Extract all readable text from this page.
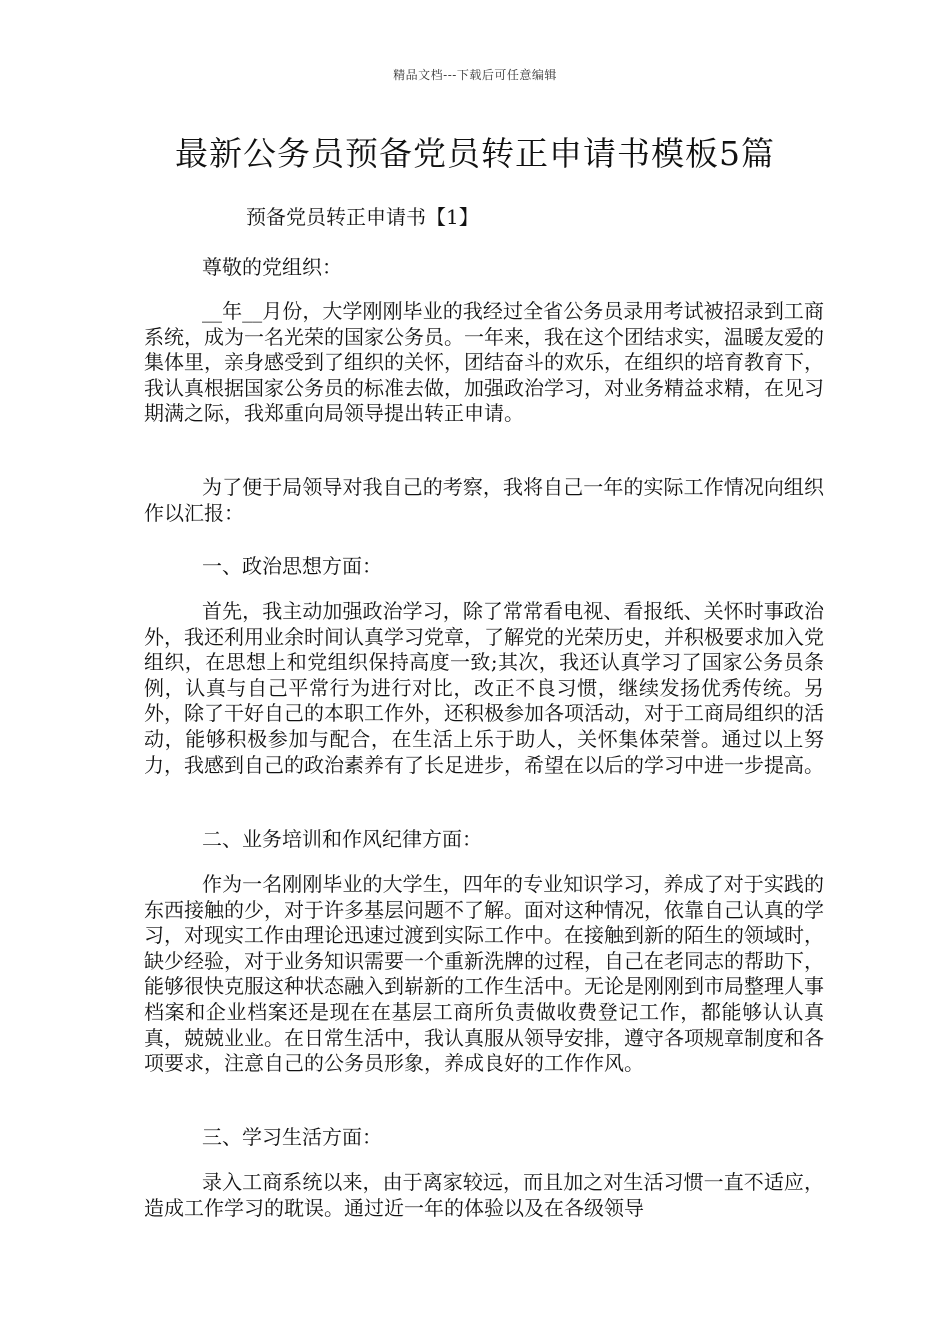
精品文档---下载后可任意编辑
最新公务员预备党员转正申请书模板5篇
预备党员转正申请书【1】
尊敬的党组织：

__年__月份，大学刚刚毕业的我经过全省公务员录用考试被招录到工商系统，成为一名光荣的国家公务员。一年来，我在这个团结求实，温暖友爱的集体里，亲身感受到了组织的关怀，团结奋斗的欢乐，在组织的培育教育下，我认真根据国家公务员的标准去做，加强政治学习，对业务精益求精，在见习期满之际，我郑重向局领导提出转正申请。

为了便于局领导对我自己的考察，我将自己一年的实际工作情况向组织作以汇报：

一、政治思想方面：

首先，我主动加强政治学习，除了常常看电视、看报纸、关怀时事政治外，我还利用业余时间认真学习党章，了解党的光荣历史，并积极要求加入党组织，在思想上和党组织保持高度一致;其次，我还认真学习了国家公务员条例，认真与自己平常行为进行对比，改正不良习惯，继续发扬优秀传统。另外，除了干好自己的本职工作外，还积极参加各项活动，对于工商局组织的活动，能够积极参加与配合，在生活上乐于助人，关怀集体荣誉。通过以上努力，我感到自己的政治素养有了长足进步，希望在以后的学习中进一步提高。

二、业务培训和作风纪律方面：

作为一名刚刚毕业的大学生，四年的专业知识学习，养成了对于实践的东西接触的少，对于许多基层问题不了解。面对这种情况，依靠自己认真的学习，对现实工作由理论迅速过渡到实际工作中。在接触到新的陌生的领域时，缺少经验，对于业务知识需要一个重新洗牌的过程，自己在老同志的帮助下，能够很快克服这种状态融入到崭新的工作生活中。无论是刚刚到市局整理人事档案和企业档案还是现在在基层工商所负责做收费登记工作，都能够认认真真，兢兢业业。在日常生活中，我认真服从领导安排，遵守各项规章制度和各项要求，注意自己的公务员形象，养成良好的工作作风。

三、学习生活方面：

录入工商系统以来，由于离家较远，而且加之对生活习惯一直不适应，造成工作学习的耽误。通过近一年的体验以及在各级领导
